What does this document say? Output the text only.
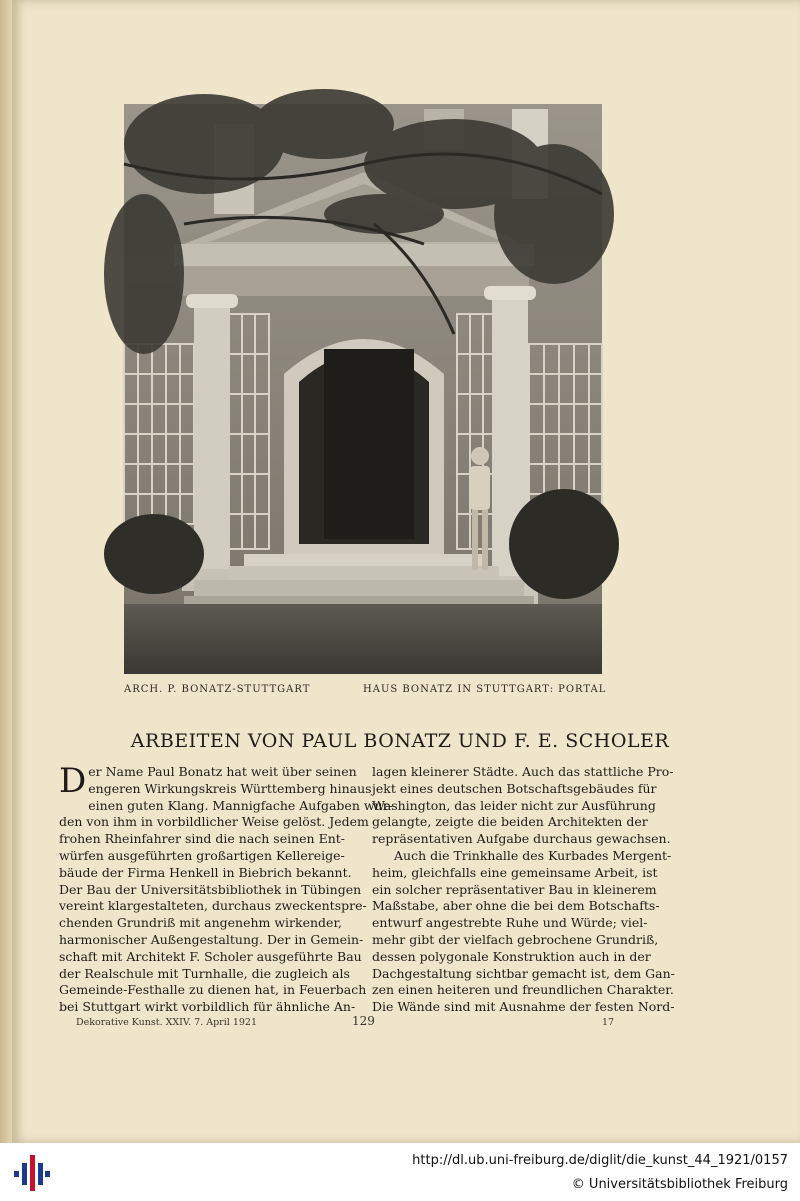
ARCH. P. BONATZ-STUTTGART	HAUS BONATZ IN STUTTGART: PORTAL
ARBEITEN VON PAUL BONATZ UND F. E. SCHOLER
D er Name Paul Bonatz hat weit über seinen
engeren Wirkungskreis Württemberg hinaus
einen guten Klang. Mannigfache Aufgaben wur-
den von ihm in vorbildlicher Weise gelöst. Jedem
frohen Rheinfahrer sind die nach seinen Ent-
würfen ausgeführten großartigen Kellereige-
bäude der Firma Henkell in Biebrich bekannt.
Der Bau der Universitätsbibliothek in Tübingen
vereint klargestalteten, durchaus zweckentspre-
chenden Grundriß mit angenehm wirkender,
harmonischer Außengestaltung. Der in Gemein-
schaft mit Architekt F. Scholer ausgeführte Bau
der Realschule mit Turnhalle, die zugleich als
Gemeinde-Festhalle zu dienen hat, in Feuerbach
bei Stuttgart wirkt vorbildlich für ähnliche An-
lagen kleinerer Städte. Auch das stattliche Pro-
jekt eines deutschen Botschaftsgebäudes für
Washington, das leider nicht zur Ausführung
gelangte, zeigte die beiden Architekten der
repräsentativen Aufgabe durchaus gewachsen.
Auch die Trinkhalle des Kurbades Mergent-
heim, gleichfalls eine gemeinsame Arbeit, ist
ein solcher repräsentativer Bau in kleinerem
Maßstabe, aber ohne die bei dem Botschafts-
entwurf angestrebte Ruhe und Würde; viel-
mehr gibt der vielfach gebrochene Grundriß,
dessen polygonale Konstruktion auch in der
Dachgestaltung sichtbar gemacht ist, dem Gan-
zen einen heiteren und freundlichen Charakter.
Die Wände sind mit Ausnahme der festen Nord-
Dekorative Kunst. XXIV. 7. April 1921	129	17
http://dl.ub.uni-freiburg.de/diglit/die_kunst_44_1921/0157
© Universitätsbibliothek Freiburg
